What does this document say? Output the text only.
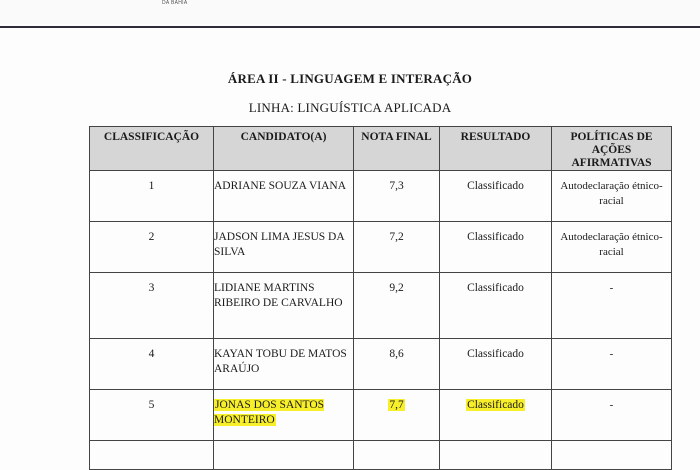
DA BAHIA
ÁREA II - LINGUAGEM E INTERAÇÃO
LINHA: LINGUÍSTICA APLICADA
CLASSIFICAÇÃO	CANDIDATO(A)	NOTA FINAL	RESULTADO	POLÍTICAS DE AÇÕES AFIRMATIVAS
1	ADRIANE SOUZA VIANA	7,3	Classificado	Autodeclaração étnico-racial
2	JADSON LIMA JESUS DA SILVA	7,2	Classificado	Autodeclaração étnico-racial
3	LIDIANE MARTINS RIBEIRO DE CARVALHO	9,2	Classificado	-
4	KAYAN TOBU DE MATOS ARAÚJO	8,6	Classificado	-
5	JONAS DOS SANTOS MONTEIRO	7,7	Classificado	-
